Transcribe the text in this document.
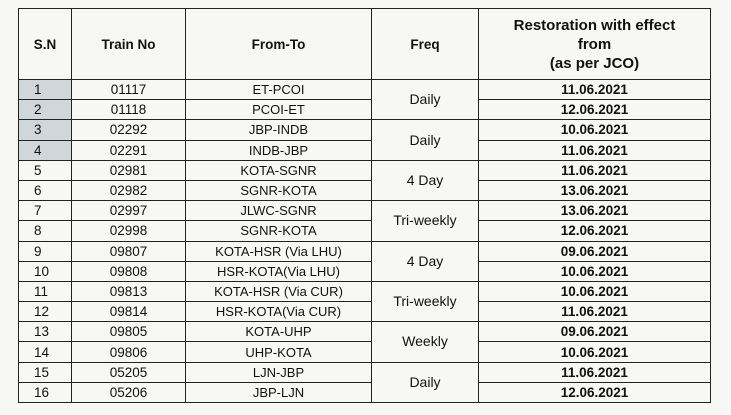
S.N	Train No	From-To	Freq	Restoration with effect
from
(as per JCO)

1	01117	ET-PCOI	Daily	11.06.2021
2	01118	PCOI-ET		12.06.2021
3	02292	JBP-INDB	Daily	10.06.2021
4	02291	INDB-JBP		11.06.2021
5	02981	KOTA-SGNR	4 Day	11.06.2021
6	02982	SGNR-KOTA		13.06.2021
7	02997	JLWC-SGNR	Tri-weekly	13.06.2021
8	02998	SGNR-KOTA		12.06.2021
9	09807	KOTA-HSR (Via LHU)	4 Day	09.06.2021
10	09808	HSR-KOTA(Via LHU)		10.06.2021
11	09813	KOTA-HSR (Via CUR)	Tri-weekly	10.06.2021
12	09814	HSR-KOTA(Via CUR)		11.06.2021
13	09805	KOTA-UHP	Weekly	09.06.2021
14	09806	UHP-KOTA		10.06.2021
15	05205	LJN-JBP	Daily	11.06.2021
16	05206	JBP-LJN		12.06.2021
